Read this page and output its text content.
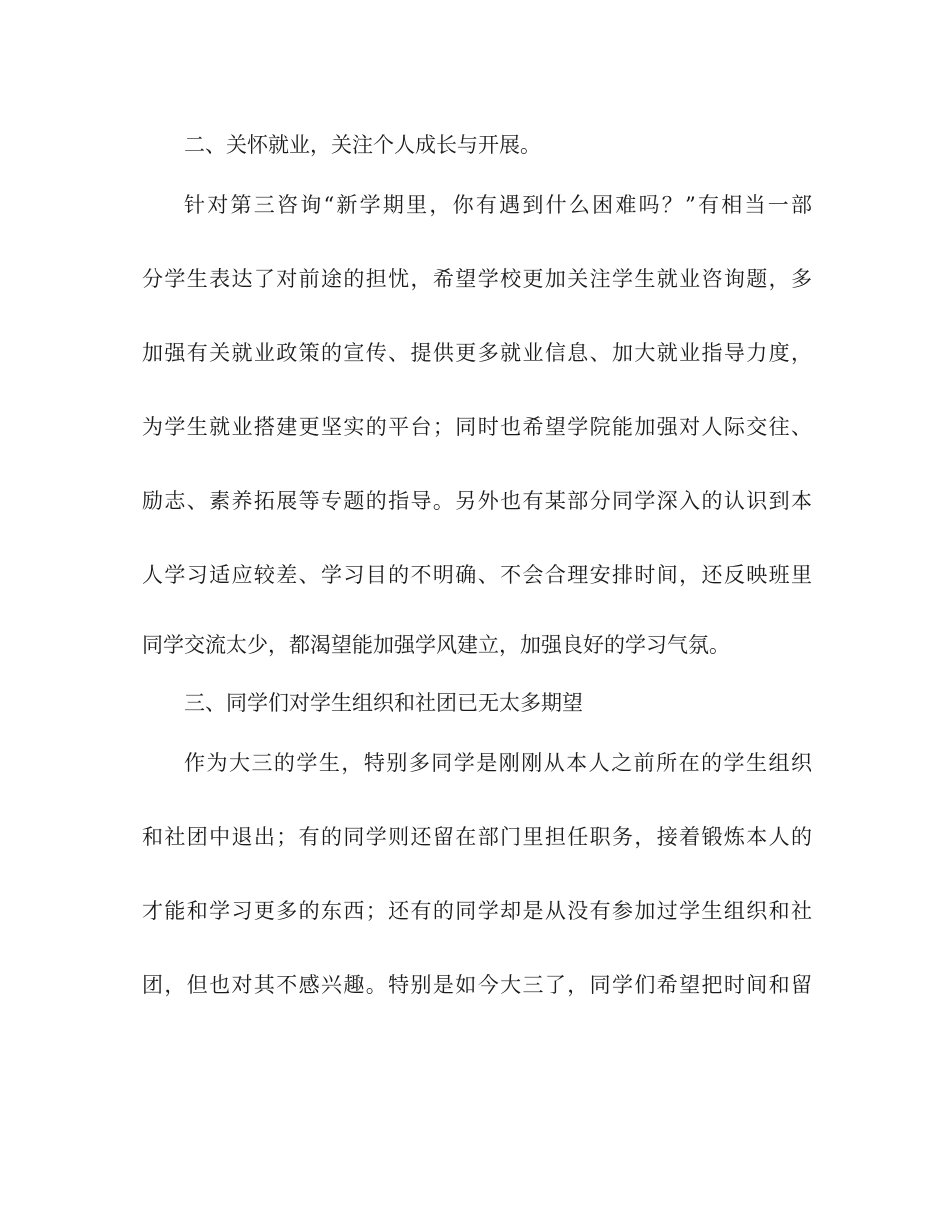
二、关怀就业，关注个人成长与开展。
针对第三咨询“新学期里，你有遇到什么困难吗？”有相当一部
分学生表达了对前途的担忧，希望学校更加关注学生就业咨询题，多
加强有关就业政策的宣传、提供更多就业信息、加大就业指导力度，
为学生就业搭建更坚实的平台；同时也希望学院能加强对人际交往、
励志、素养拓展等专题的指导。另外也有某部分同学深入的认识到本
人学习适应较差、学习目的不明确、不会合理安排时间，还反映班里
同学交流太少，都渴望能加强学风建立，加强良好的学习气氛。
三、同学们对学生组织和社团已无太多期望
作为大三的学生，特别多同学是刚刚从本人之前所在的学生组织
和社团中退出；有的同学则还留在部门里担任职务，接着锻炼本人的
才能和学习更多的东西；还有的同学却是从没有参加过学生组织和社
团，但也对其不感兴趣。特别是如今大三了，同学们希望把时间和留
